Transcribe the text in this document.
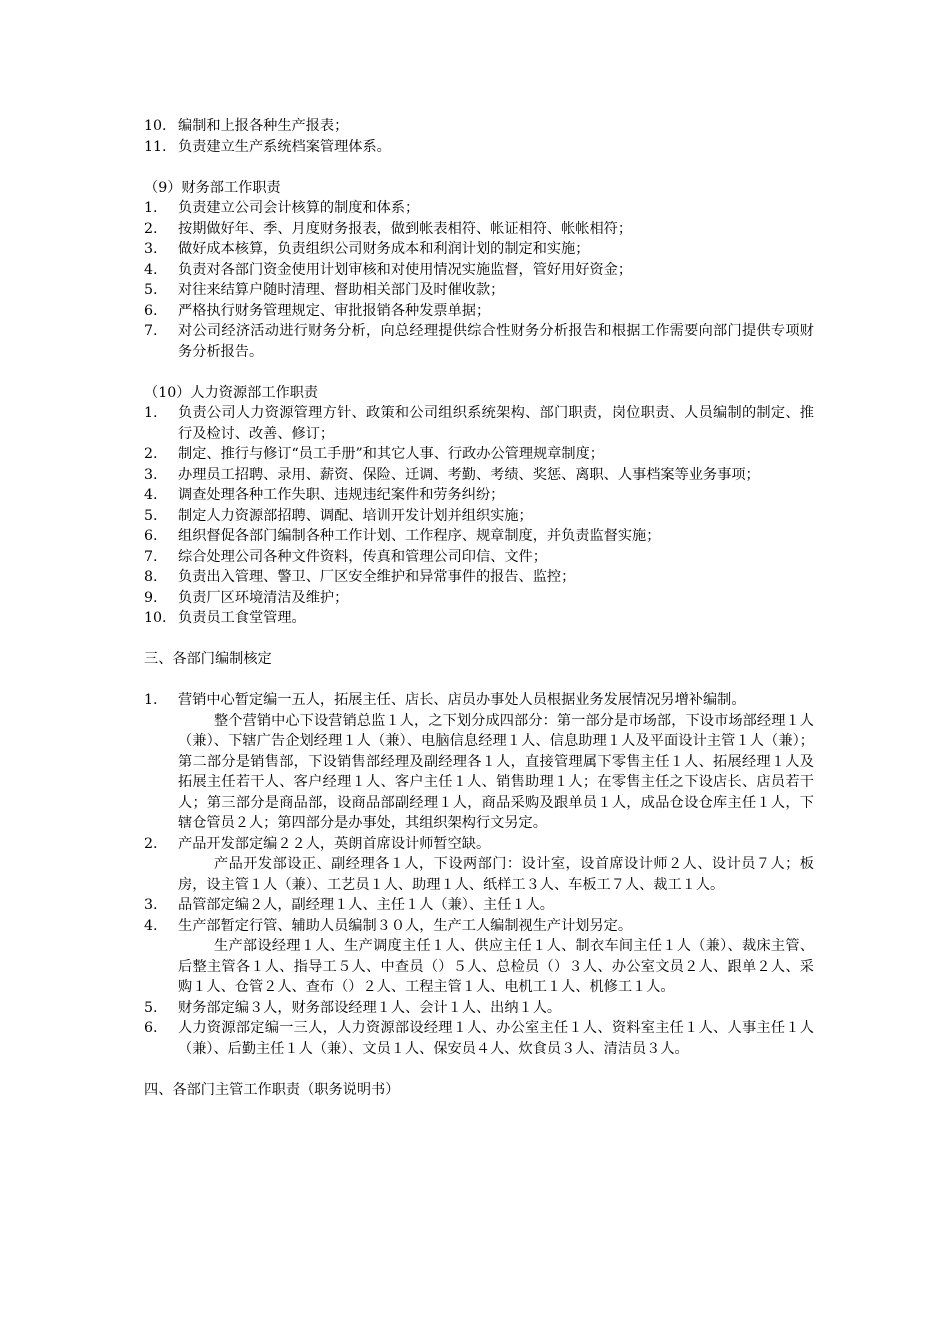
10. 编制和上报各种生产报表；
11. 负责建立生产系统档案管理体系。

（9）财务部工作职责

1.	负责建立公司会计核算的制度和体系；
2.	按期做好年、季、月度财务报表，做到帐表相符、帐证相符、帐帐相符；
3.	做好成本核算，负责组织公司财务成本和利润计划的制定和实施；
4.	负责对各部门资金使用计划审核和对使用情况实施监督，管好用好资金；
5.	对往来结算户随时清理、督助相关部门及时催收款；
6.	严格执行财务管理规定、审批报销各种发票单据；
7.	对公司经济活动进行财务分析，向总经理提供综合性财务分析报告和根据工作需要向部门提供专项财务分析报告。

（10）人力资源部工作职责

1.	负责公司人力资源管理方针、政策和公司组织系统架构、部门职责，岗位职责、人员编制的制定、推行及检讨、改善、修订；
2.	制定、推行与修订“员工手册”和其它人事、行政办公管理规章制度；
3.	办理员工招聘、录用、薪资、保险、迁调、考勤、考绩、奖惩、离职、人事档案等业务事项；
4.	调查处理各种工作失职、违规违纪案件和劳务纠纷；
5.	制定人力资源部招聘、调配、培训开发计划并组织实施；
6.	组织督促各部门编制各种工作计划、工作程序、规章制度，并负责监督实施；
7.	综合处理公司各种文件资料，传真和管理公司印信、文件；
8.	负责出入管理、警卫、厂区安全维护和异常事件的报告、监控；
9.	负责厂区环境清洁及维护；
10. 负责员工食堂管理。

三、各部门编制核定

1.	营销中心暂定编一五人，拓展主任、店长、店员办事处人员根据业务发展情况另增补编制。

整个营销中心下设营销总监１人，之下划分成四部分：第一部分是市场部，下设市场部经理１人（兼）、下辖广告企划经理１人（兼）、电脑信息经理１人、信息助理１人及平面设计主管１人（兼）；第二部分是销售部，下设销售部经理及副经理各１人，直接管理属下零售主任１人、拓展经理１人及拓展主任若干人、客户经理１人、客户主任１人、销售助理１人；在零售主任之下设店长、店员若干人；第三部分是商品部，设商品部副经理１人，商品采购及跟单员１人，成品仓设仓库主任１人，下辖仓管员２人；第四部分是办事处，其组织架构行文另定。

2.	产品开发部定编２２人，英朗首席设计师暂空缺。

产品开发部设正、副经理各１人，下设两部门：设计室，设首席设计师２人、设计员７人；板房，设主管１人（兼）、工艺员１人、助理１人、纸样工３人、车板工７人、裁工１人。

3.	品管部定编２人，副经理１人、主任１人（兼）、主任１人。
4.	生产部暂定行管、辅助人员编制３０人，生产工人编制视生产计划另定。

生产部设经理１人、生产调度主任１人、供应主任１人、制衣车间主任１人（兼）、裁床主管、后整主管各１人、指导工５人、中查员（）５人、总检员（）３人、办公室文员２人、跟单２人、采购１人、仓管２人、查布（）２人、工程主管１人、电机工１人、机修工１人。

5.	财务部定编３人，财务部设经理１人、会计１人、出纳１人。
6.	人力资源部定编一三人，人力资源部设经理１人、办公室主任１人、资料室主任１人、人事主任１人（兼）、后勤主任１人（兼）、文员１人、保安员４人、炊食员３人、清洁员３人。

四、各部门主管工作职责（职务说明书）
